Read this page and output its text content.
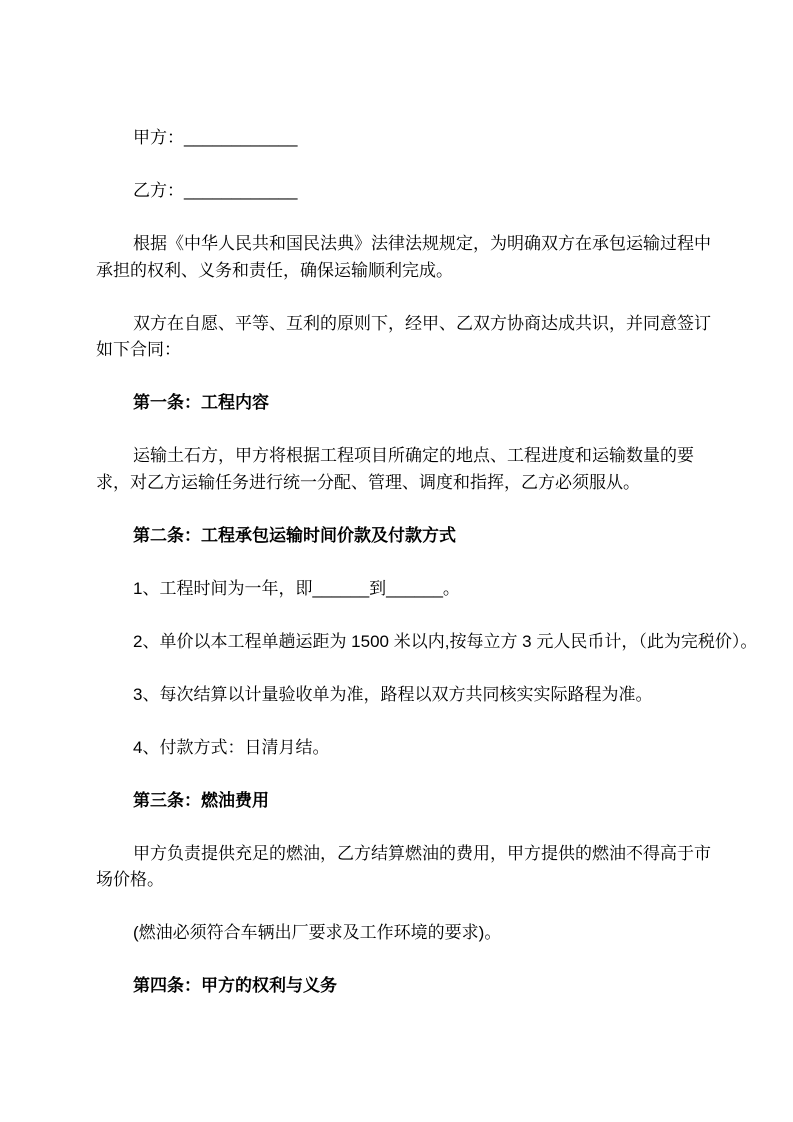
甲方：____________

乙方：____________

根据《中华人民共和国民法典》法律法规规定，为明确双方在承包运输过程中承担的权利、义务和责任，确保运输顺利完成。

双方在自愿、平等、互利的原则下，经甲、乙双方协商达成共识，并同意签订如下合同：

第一条：工程内容

运输土石方，甲方将根据工程项目所确定的地点、工程进度和运输数量的要求，对乙方运输任务进行统一分配、管理、调度和指挥，乙方必须服从。

第二条：工程承包运输时间价款及付款方式

1、工程时间为一年，即______到______。

2、单价以本工程单趟运距为 1500 米以内,按每立方 3 元人民币计，（此为完税价）。

3、每次结算以计量验收单为准，路程以双方共同核实实际路程为准。

4、付款方式：日清月结。

第三条：燃油费用

甲方负责提供充足的燃油，乙方结算燃油的费用，甲方提供的燃油不得高于市场价格。

(燃油必须符合车辆出厂要求及工作环境的要求)。

第四条：甲方的权利与义务
